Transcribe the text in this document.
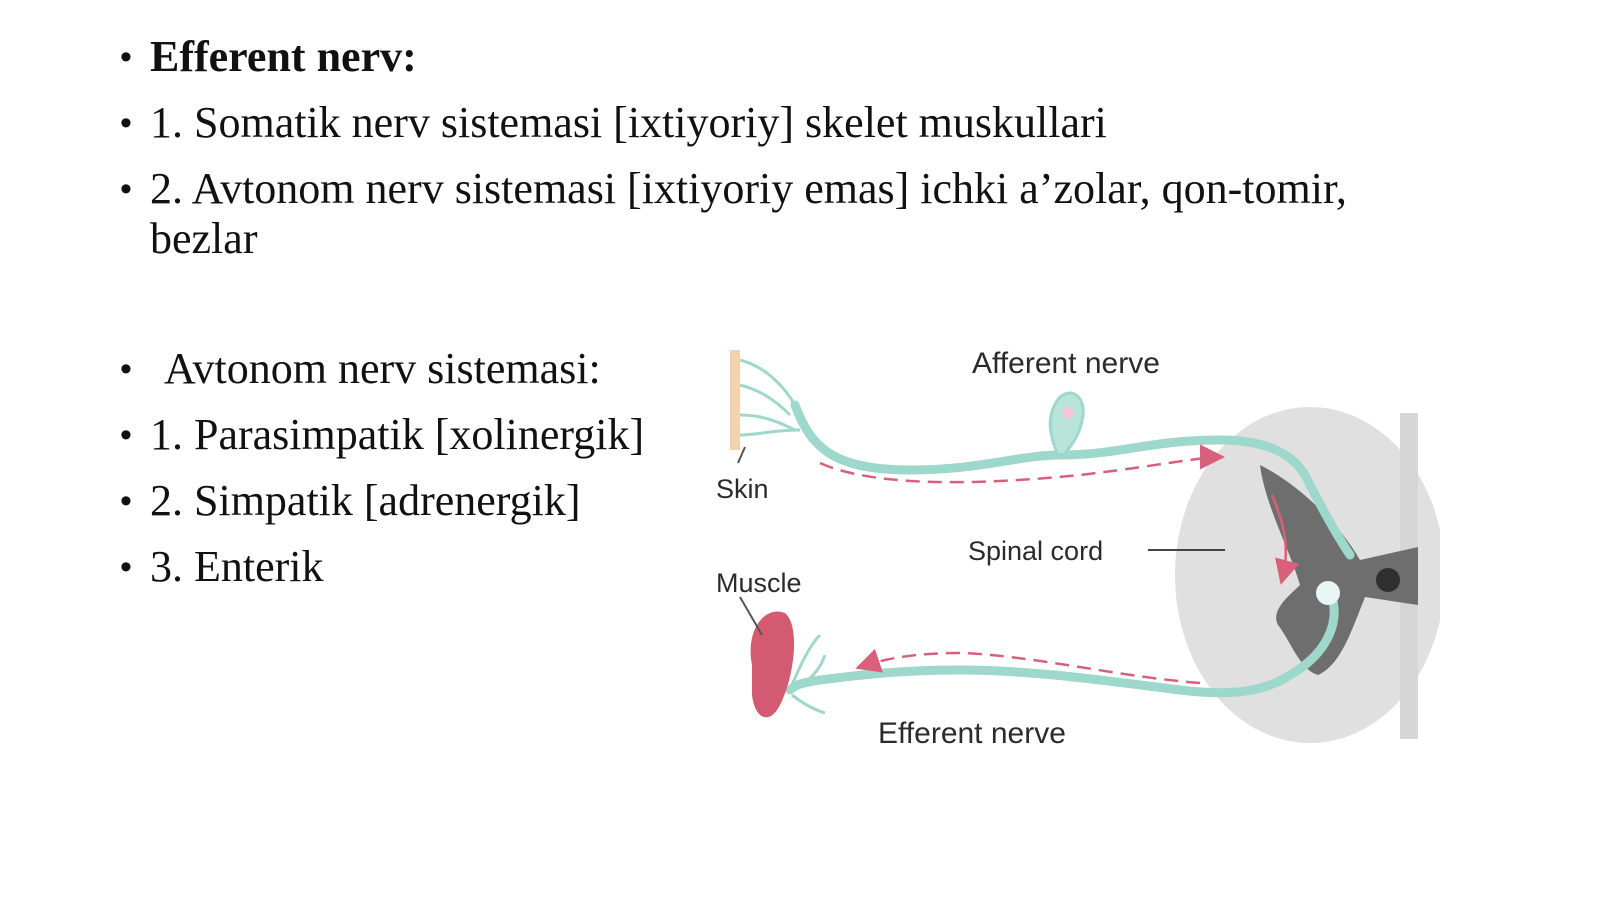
• Efferent nerv:
• 1. Somatik nerv sistemasi [ixtiyoriy] skelet muskullari
• 2. Avtonom nerv sistemasi [ixtiyoriy emas] ichki a’zolar, qon-tomir, bezlar
• Avtonom nerv sistemasi:
• 1. Parasimpatik [xolinergik]
• 2. Simpatik [adrenergik]
• 3. Enterik
Afferent nerve
Skin
Spinal cord
Muscle
Efferent nerve
